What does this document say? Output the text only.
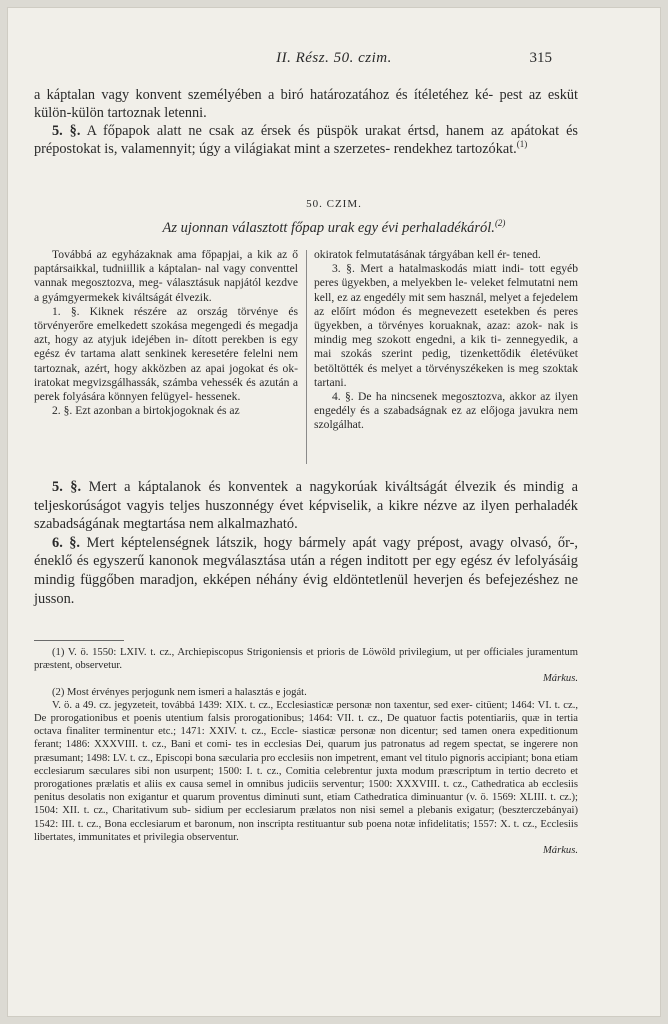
II. Rész. 50. czim.	315

a káptalan vagy konvent személyében a biró határozatához és ítéletéhez ké- pest az esküt külön-külön tartoznak letenni.

5. §. A főpapok alatt ne csak az érsek és püspök urakat értsd, hanem az apátokat és prépostokat is, valamennyit; úgy a világiakat mint a szerzetes- rendekhez tartozókat.$^{(1)}$

50. CZIM.
Az ujonnan választott főpap urak egy évi perhaladékáról.$^{(2)}$

Továbbá az egyházaknak ama főpapjai, a kik az ő paptársaikkal, tudniillik a káptalan- nal vagy conventtel vannak megosztozva, meg- választásuk napjától kezdve a gyámgyermekek kiváltságát élvezik.

1. §. Kiknek részére az ország törvénye és törvényerőre emelkedett szokása megengedi és megadja azt, hogy az atyjuk idejében in- dított perekben is egy egész év tartama alatt senkinek keresetére felelni nem tartoznak, azért, hogy akközben az apai jogokat és ok- iratokat megvizsgálhassák, számba vehessék és azután a perek folyására könnyen felügyel- hessenek.

2. §. Ezt azonban a birtokjogoknak és az

okiratok felmutatásának tárgyában kell ér- tened.

3. §. Mert a hatalmaskodás miatt indi- tott egyéb peres ügyekben, a melyekben le- veleket felmutatni nem kell, ez az engedély mit sem használ, melyet a fejedelem az előírt módon és megnevezett esetekben és peres ügyekben, a törvényes koruaknak, azaz: azok- nak is mindig meg szokott engedni, a kik ti- zennegyedik, a mai szokás szerint pedig, tizenkettődik életévüket betöltötték és melyet a törvényszékeken is meg szoktak tartani.

4. §. De ha nincsenek megosztozva, akkor az ilyen engedély és a szabadságnak ez az előjoga javukra nem szolgálhat.

5. §. Mert a káptalanok és konventek a nagykorúak kiváltságát élvezik és mindig a teljeskorúságot vagyis teljes huszonnégy évet képviselik, a kikre nézve az ilyen perhaladék szabadságának megtartása nem alkalmazható.

6. §. Mert képtelenségnek látszik, hogy bármely apát vagy prépost, avagy olvasó, őr-, éneklő és egyszerű kanonok megválasztása után a régen inditott per egy egész év lefolyásáig mindig függőben maradjon, ekképen néhány évig eldöntetlenül heverjen és befejezéshez ne jusson.

(1) V. ö. 1550: LXIV. t. cz., Archiepiscopus Strigoniensis et prioris de Löwöld privilegium, ut per officiales juramentum præstent, observetur.

Márkus.

(2) Most érvényes perjogunk nem ismeri a halasztás e jogát.

V. ö. a 49. cz. jegyzeteit, továbbá 1439: XIX. t. cz., Ecclesiasticæ personæ non taxentur, sed exer- citüent; 1464: VI. t. cz., De prorogationibus et poenis utentium falsis prorogationibus; 1464: VII. t. cz., De quatuor factis potentiariis, quæ in tertia octava finaliter terminentur etc.; 1471: XXIV. t. cz., Eccle- siasticæ personæ non dicentur; sed tamen onera expeditionum ferant; 1486: XXXVIII. t. cz., Bani et comi- tes in ecclesias Dei, quarum jus patronatus ad regem spectat, se ingerere non præsumant; 1498: LV. t. cz., Episcopi bona sæcularia pro ecclesiis non impetrent, emant vel titulo pignoris accipiant; bona etiam ecclesiarum sæculares sibi non usurpent; 1500: I. t. cz., Comitia celebrentur juxta modum præscriptum in tertio decreto et prorogationes prælatis et aliis ex causa semel in omnibus judiciis serventur; 1500: XXXVIII. t. cz., Cathedratica ab ecclesiis penitus desolatis non exigantur et quarum proventus diminuti sunt, etiam Cathedratica diminuantur (v. ö. 1569: XLIII. t. cz.); 1504: XII. t. cz., Charitativum sub- sidium per ecclesiarum prælatos non nisi semel a plebanis exigatur; (beszterczebányai) 1542: III. t. cz., Bona ecclesiarum et baronum, non inscripta restituantur sub poena notæ infidelitatis; 1557: X. t. cz., Ecclesiis libertates, immunitates et privilegia observentur.

Márkus.
